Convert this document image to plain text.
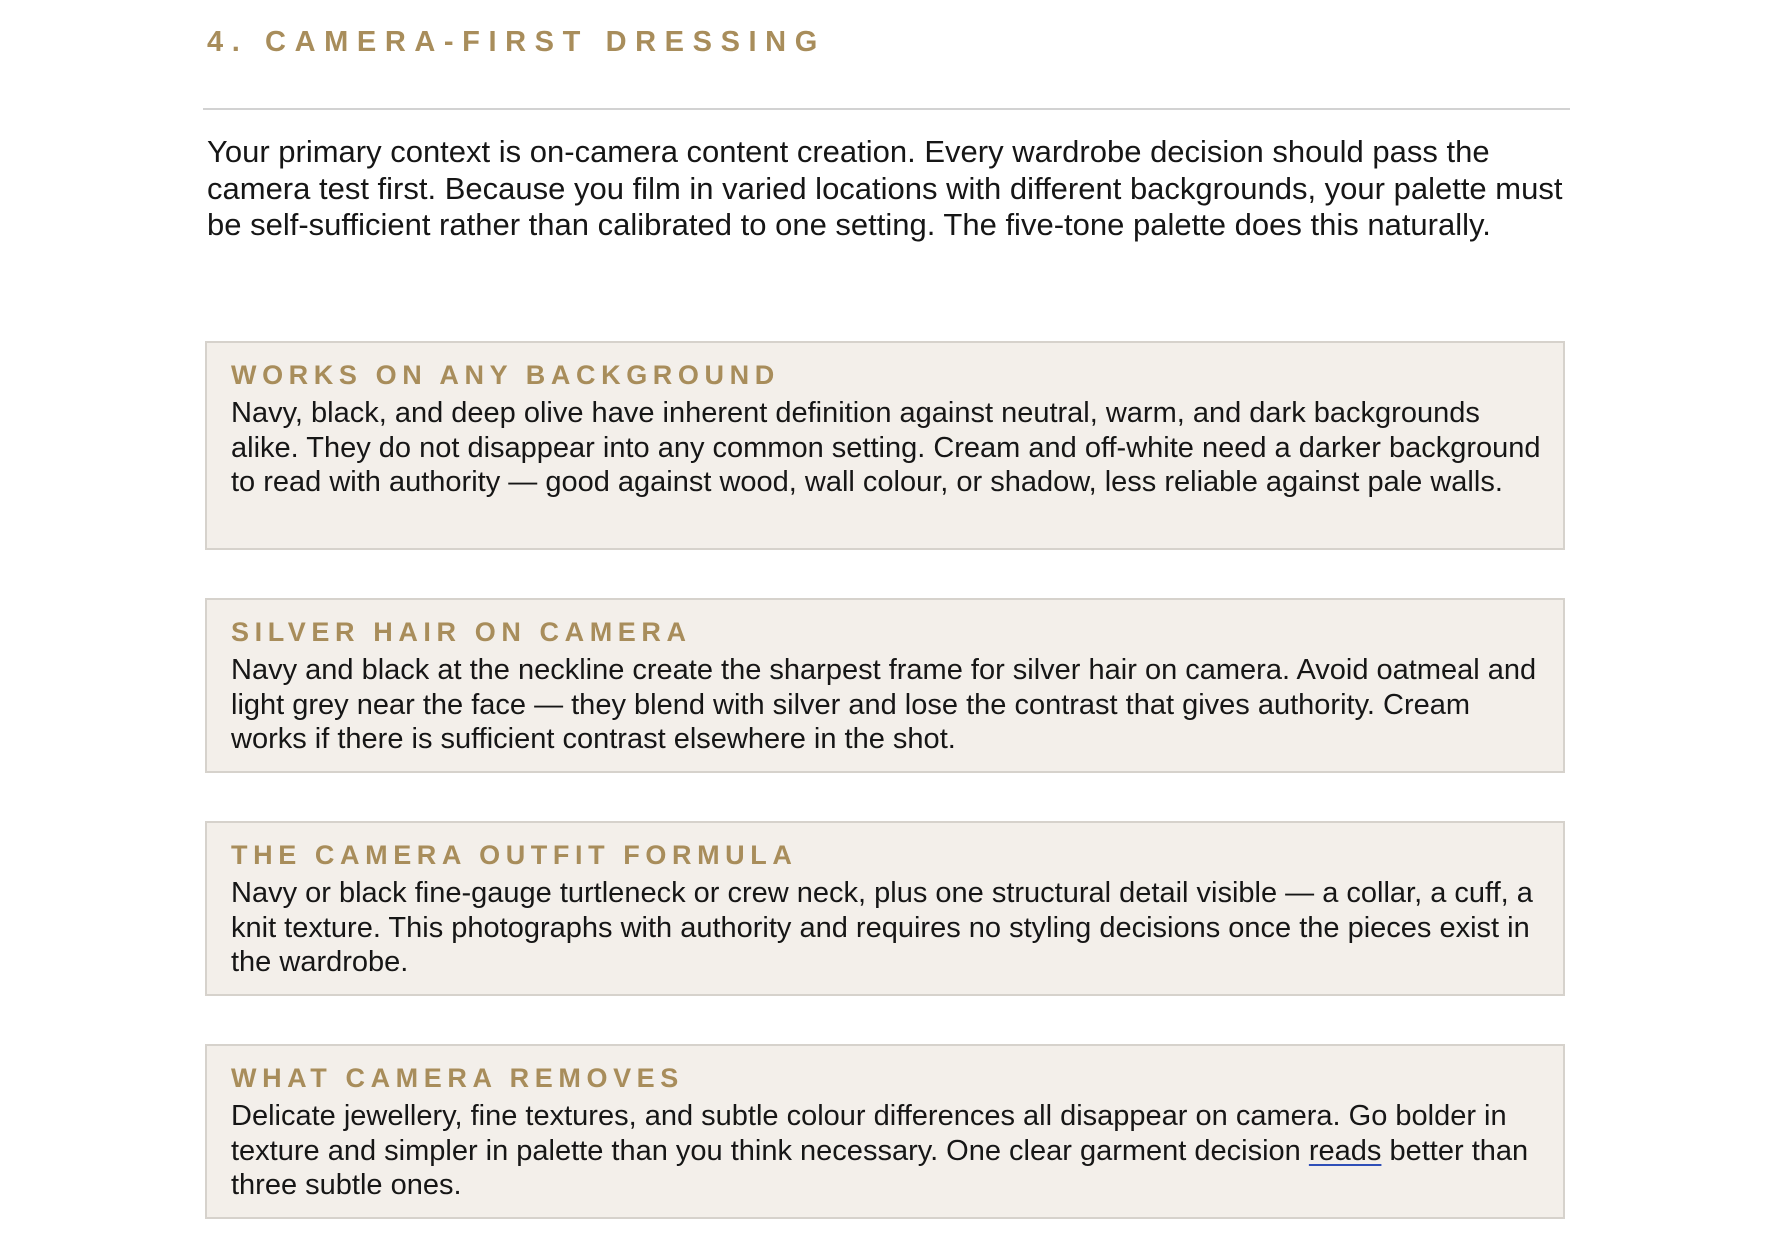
4. CAMERA-FIRST DRESSING

Your primary context is on-camera content creation. Every wardrobe decision should pass the camera test first. Because you film in varied locations with different backgrounds, your palette must be self-sufficient rather than calibrated to one setting. The five-tone palette does this naturally.

WORKS ON ANY BACKGROUND

Navy, black, and deep olive have inherent definition against neutral, warm, and dark backgrounds alike. They do not disappear into any common setting. Cream and off-white need a darker background to read with authority — good against wood, wall colour, or shadow, less reliable against pale walls.

SILVER HAIR ON CAMERA

Navy and black at the neckline create the sharpest frame for silver hair on camera. Avoid oatmeal and light grey near the face — they blend with silver and lose the contrast that gives authority. Cream works if there is sufficient contrast elsewhere in the shot.

THE CAMERA OUTFIT FORMULA

Navy or black fine-gauge turtleneck or crew neck, plus one structural detail visible — a collar, a cuff, a knit texture. This photographs with authority and requires no styling decisions once the pieces exist in the wardrobe.

WHAT CAMERA REMOVES

Delicate jewellery, fine textures, and subtle colour differences all disappear on camera. Go bolder in texture and simpler in palette than you think necessary. One clear garment decision reads better than three subtle ones.
